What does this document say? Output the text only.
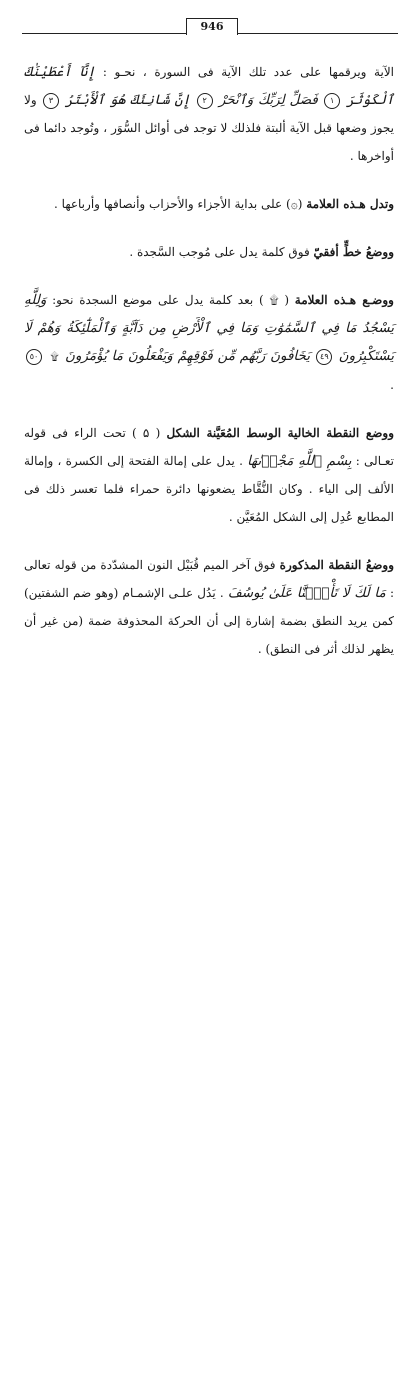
946

الآية ويرقمها على عدد تلك الآية فى السورة ، نحـو : إِنَّآ أَعْطَيْنَٰكَ ٱلْكَوْثَرَ ١ فَصَلِّ لِرَبِّكَ وَٱنْحَرْ ٢ إِنَّ شَانِئَكَ هُوَ ٱلْأَبْتَرُ ٣ ولا يجوز وضعها قبل الآية ألبتة فلذلك لا توجد فى أوائل السُّوَر ، وتُوجد دائما فى أواخرها .

وتدل هـذه العلامة (۞) على بداية الأجزاء والأحزاب وأنصافها وأرباعها .

ووضعُ خطٍّ أفقيّ فوق كلمة يدل على مُوجب السَّجدة .

ووضـع هـذه العلامة ( ۩ ) بعد كلمة يدل على موضع السجدة نحو: وَلِلَّهِ يَسْجُدُ مَا فِي ٱلسَّمَٰوَٰتِ وَمَا فِي ٱلْأَرْضِ مِن دَآبَّةٍ وَٱلْمَلَٰٓئِكَةُ وَهُمْ لَا يَسْتَكْبِرُونَ ٤٩ يَخَافُونَ رَبَّهُم مِّن فَوْقِهِمْ وَيَفْعَلُونَ مَا يُؤْمَرُونَ ۩ ٥٠ .

ووضع النقطة الخالية الوسط المُعَيَّنة الشكل ( ۵ ) تحت الراء فى قوله تعـالى : بِسْمِ ٱللَّهِ مَجْر۪ىٰهَا . يدل على إمالة الفتحة إلى الكسرة ، وإمالة الألف إلى الياء . وكان النُّقَّاط يضعونها دائرة حمراء فلما تعسر ذلك فى المطابع عُدِل إلى الشكل المُعَيَّن .

ووضعُ النقطة المذكورة فوق آخر الميم قُبَيْل النون المشدّدة من قوله تعالى : مَا لَكَ لَا تَأْمَ۬نَّا عَلَىٰ يُوسُفَ . يَدُل علـى الإشمـام (وهو ضم الشفتين) كمن يريد النطق بضمة إشارة إلى أن الحركة المحذوفة ضمة (من غير أن يظهر لذلك أثر فى النطق) .
